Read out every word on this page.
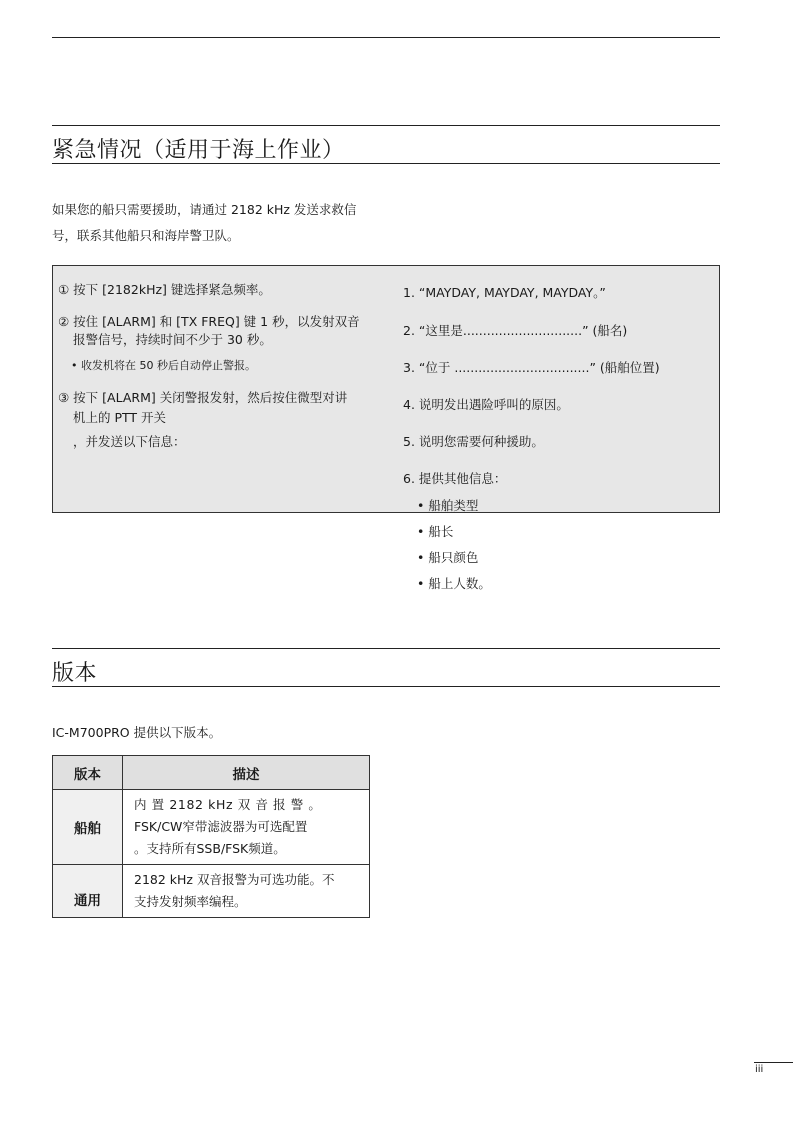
紧急情况（适用于海上作业）
如果您的船只需要援助，请通过 2182 kHz 发送求救信
号，联系其他船只和海岸警卫队。
① 按下 [2182kHz] 键选择紧急频率。
② 按住 [ALARM] 和 [TX FREQ] 键 1 秒，以发射双音
报警信号，持续时间不少于 30 秒。
• 收发机将在 50 秒后自动停止警报。
③ 按下 [ALARM] 关闭警报发射，然后按住微型对讲
机上的 PTT 开关
，并发送以下信息：
1. “MAYDAY, MAYDAY, MAYDAY。”
2. “这里是..............................” (船名)
3. “位于 ..................................” (船舶位置)
4. 说明发出遇险呼叫的原因。
5. 说明您需要何种援助。
6. 提供其他信息：
• 船舶类型
• 船长
• 船只颜色
• 船上人数。
版本
IC-M700PRO 提供以下版本。
版本	描述
船舶	内 置 2182 kHz 双 音 报 警 。
FSK/CW窄带滤波器为可选配置
。支持所有SSB/FSK频道。

通用	2182 kHz 双音报警为可选功能。不
支持发射频率编程。
iii
